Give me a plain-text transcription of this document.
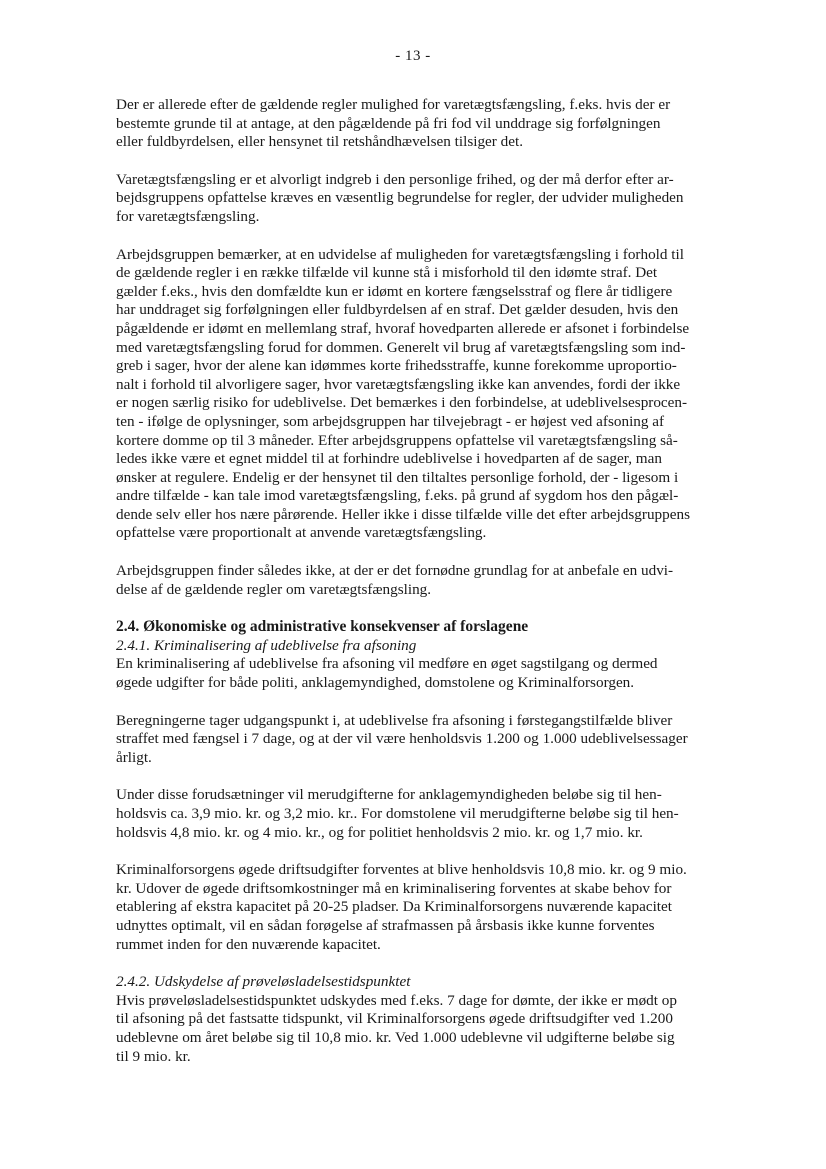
- 13 -

Der er allerede efter de gældende regler mulighed for varetægtsfængsling, f.eks. hvis der er
bestemte grunde til at antage, at den pågældende på fri fod vil unddrage sig forfølgningen
eller fuldbyrdelsen, eller hensynet til retshåndhævelsen tilsiger det.

Varetægtsfængsling er et alvorligt indgreb i den personlige frihed, og der må derfor efter ar-
bejdsgruppens opfattelse kræves en væsentlig begrundelse for regler, der udvider muligheden
for varetægtsfængsling.

Arbejdsgruppen bemærker, at en udvidelse af muligheden for varetægtsfængsling i forhold til
de gældende regler i en række tilfælde vil kunne stå i misforhold til den idømte straf. Det
gælder f.eks., hvis den domfældte kun er idømt en kortere fængselsstraf og flere år tidligere
har unddraget sig forfølgningen eller fuldbyrdelsen af en straf. Det gælder desuden, hvis den
pågældende er idømt en mellemlang straf, hvoraf hovedparten allerede er afsonet i forbindelse
med varetægtsfængsling forud for dommen. Generelt vil brug af varetægtsfængsling som ind-
greb i sager, hvor der alene kan idømmes korte frihedsstraffe, kunne forekomme uproportio-
nalt i forhold til alvorligere sager, hvor varetægtsfængsling ikke kan anvendes, fordi der ikke
er nogen særlig risiko for udeblivelse. Det bemærkes i den forbindelse, at udeblivelsesprocen-
ten - ifølge de oplysninger, som arbejdsgruppen har tilvejebragt - er højest ved afsoning af
kortere domme op til 3 måneder. Efter arbejdsgruppens opfattelse vil varetægtsfængsling så-
ledes ikke være et egnet middel til at forhindre udeblivelse i hovedparten af de sager, man
ønsker at regulere. Endelig er der hensynet til den tiltaltes personlige forhold, der - ligesom i
andre tilfælde - kan tale imod varetægtsfængsling, f.eks. på grund af sygdom hos den pågæl-
dende selv eller hos nære pårørende. Heller ikke i disse tilfælde ville det efter arbejdsgruppens
opfattelse være proportionalt at anvende varetægtsfængsling.

Arbejdsgruppen finder således ikke, at der er det fornødne grundlag for at anbefale en udvi-
delse af de gældende regler om varetægtsfængsling.

2.4. Økonomiske og administrative konsekvenser af forslagene

2.4.1. Kriminalisering af udeblivelse fra afsoning

En kriminalisering af udeblivelse fra afsoning vil medføre en øget sagstilgang og dermed
øgede udgifter for både politi, anklagemyndighed, domstolene og Kriminalforsorgen.

Beregningerne tager udgangspunkt i, at udeblivelse fra afsoning i førstegangstilfælde bliver
straffet med fængsel i 7 dage, og at der vil være henholdsvis 1.200 og 1.000 udeblivelsessager
årligt.

Under disse forudsætninger vil merudgifterne for anklagemyndigheden beløbe sig til hen-
holdsvis ca. 3,9 mio. kr. og 3,2 mio. kr.. For domstolene vil merudgifterne beløbe sig til hen-
holdsvis 4,8 mio. kr. og 4 mio. kr., og for politiet henholdsvis 2 mio. kr. og 1,7 mio. kr.

Kriminalforsorgens øgede driftsudgifter forventes at blive henholdsvis 10,8 mio. kr. og 9 mio.
kr. Udover de øgede driftsomkostninger må en kriminalisering forventes at skabe behov for
etablering af ekstra kapacitet på 20-25 pladser. Da Kriminalforsorgens nuværende kapacitet
udnyttes optimalt, vil en sådan forøgelse af strafmassen på årsbasis ikke kunne forventes
rummet inden for den nuværende kapacitet.

2.4.2. Udskydelse af prøveløsladelsestidspunktet

Hvis prøveløsladelsestidspunktet udskydes med f.eks. 7 dage for dømte, der ikke er mødt op
til afsoning på det fastsatte tidspunkt, vil Kriminalforsorgens øgede driftsudgifter ved 1.200
udeblevne om året beløbe sig til 10,8 mio. kr. Ved 1.000 udeblevne vil udgifterne beløbe sig
til 9 mio. kr.
